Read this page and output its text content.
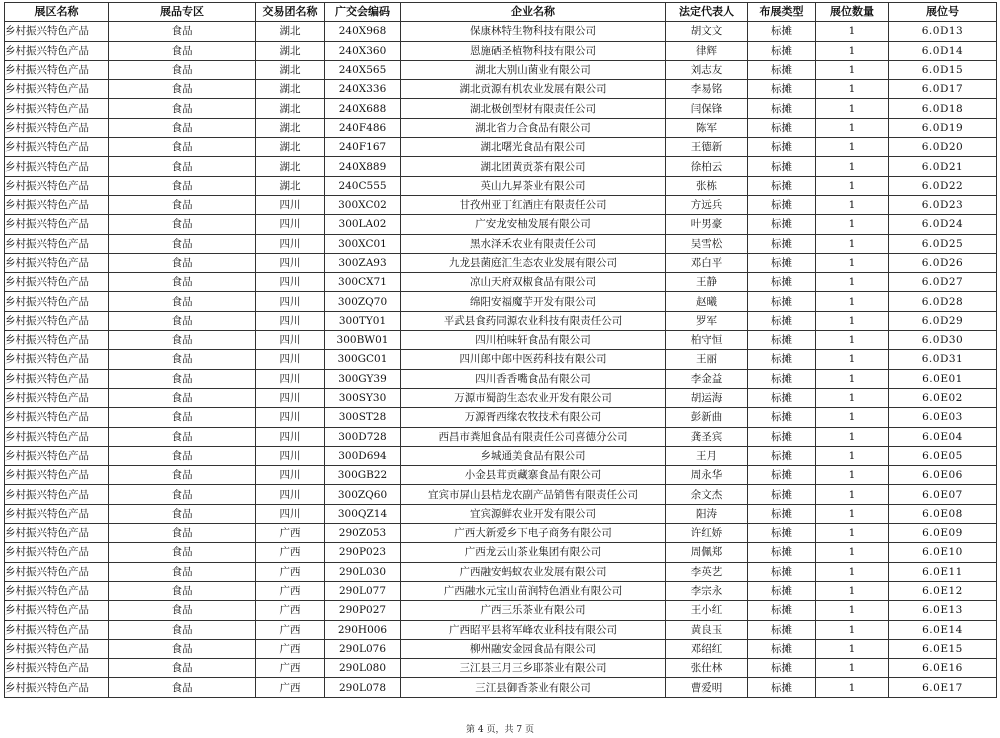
展区名称	展品专区	交易团名称	广交会编码	企业名称	法定代表人	布展类型	展位数量	展位号
乡村振兴特色产品	食品	湖北	240X968	保康林特生物科技有限公司	胡文文	标摊	1	6.0D13
乡村振兴特色产品	食品	湖北	240X360	恩施硒圣植物科技有限公司	律辉	标摊	1	6.0D14
乡村振兴特色产品	食品	湖北	240X565	湖北大别山菌业有限公司	刘志友	标摊	1	6.0D15
乡村振兴特色产品	食品	湖北	240X336	湖北贡源有机农业发展有限公司	李易铭	标摊	1	6.0D17
乡村振兴特色产品	食品	湖北	240X688	湖北极创型材有限责任公司	闫保锋	标摊	1	6.0D18
乡村振兴特色产品	食品	湖北	240F486	湖北省力合食品有限公司	陈军	标摊	1	6.0D19
乡村振兴特色产品	食品	湖北	240F167	湖北曙光食品有限公司	王德新	标摊	1	6.0D20
乡村振兴特色产品	食品	湖北	240X889	湖北团黄贡茶有限公司	徐柏云	标摊	1	6.0D21
乡村振兴特色产品	食品	湖北	240C555	英山九昇茶业有限公司	张栋	标摊	1	6.0D22
乡村振兴特色产品	食品	四川	300XC02	甘孜州亚丁红酒庄有限责任公司	方远兵	标摊	1	6.0D23
乡村振兴特色产品	食品	四川	300LA02	广安龙安柚发展有限公司	叶男豪	标摊	1	6.0D24
乡村振兴特色产品	食品	四川	300XC01	黑水泽禾农业有限责任公司	吴雪松	标摊	1	6.0D25
乡村振兴特色产品	食品	四川	300ZA93	九龙县菌庭汇生态农业发展有限公司	邓白平	标摊	1	6.0D26
乡村振兴特色产品	食品	四川	300CX71	凉山天府双椒食品有限公司	王静	标摊	1	6.0D27
乡村振兴特色产品	食品	四川	300ZQ70	绵阳安福魔芋开发有限公司	赵曦	标摊	1	6.0D28
乡村振兴特色产品	食品	四川	300TY01	平武县食药同源农业科技有限责任公司	罗军	标摊	1	6.0D29
乡村振兴特色产品	食品	四川	300BW01	四川柏味轩食品有限公司	柏守恒	标摊	1	6.0D30
乡村振兴特色产品	食品	四川	300GC01	四川郎中郎中医药科技有限公司	王丽	标摊	1	6.0D31
乡村振兴特色产品	食品	四川	300GY39	四川香香嘴食品有限公司	李金益	标摊	1	6.0E01
乡村振兴特色产品	食品	四川	300SY30	万源市蜀韵生态农业开发有限公司	胡运海	标摊	1	6.0E02
乡村振兴特色产品	食品	四川	300ST28	万源胥西缘农牧技术有限公司	彭新曲	标摊	1	6.0E03
乡村振兴特色产品	食品	四川	300D728	西昌市粪旭食品有限责任公司喜德分公司	龚圣宾	标摊	1	6.0E04
乡村振兴特色产品	食品	四川	300D694	乡城通美食品有限公司	王月	标摊	1	6.0E05
乡村振兴特色产品	食品	四川	300GB22	小金县茸贡藏寨食品有限公司	周永华	标摊	1	6.0E06
乡村振兴特色产品	食品	四川	300ZQ60	宜宾市屏山县桔龙农副产品销售有限责任公司	余文杰	标摊	1	6.0E07
乡村振兴特色产品	食品	四川	300QZ14	宜宾源鲜农业开发有限公司	阳涛	标摊	1	6.0E08
乡村振兴特色产品	食品	广西	290Z053	广西大新爱乡下电子商务有限公司	许红娇	标摊	1	6.0E09
乡村振兴特色产品	食品	广西	290P023	广西龙云山茶业集团有限公司	周佩郑	标摊	1	6.0E10
乡村振兴特色产品	食品	广西	290L030	广西融安蚂蚁农业发展有限公司	李英艺	标摊	1	6.0E11
乡村振兴特色产品	食品	广西	290L077	广西融水元宝山苗润特色酒业有限公司	李宗永	标摊	1	6.0E12
乡村振兴特色产品	食品	广西	290P027	广西三乐茶业有限公司	王小红	标摊	1	6.0E13
乡村振兴特色产品	食品	广西	290H006	广西昭平县将军峰农业科技有限公司	黄良玉	标摊	1	6.0E14
乡村振兴特色产品	食品	广西	290L076	柳州融安金园食品有限公司	邓绍红	标摊	1	6.0E15
乡村振兴特色产品	食品	广西	290L080	三江县三月三乡耶茶业有限公司	张仕林	标摊	1	6.0E16
乡村振兴特色产品	食品	广西	290L078	三江县御香茶业有限公司	曹爱明	标摊	1	6.0E17
第 4 页，共 7 页
